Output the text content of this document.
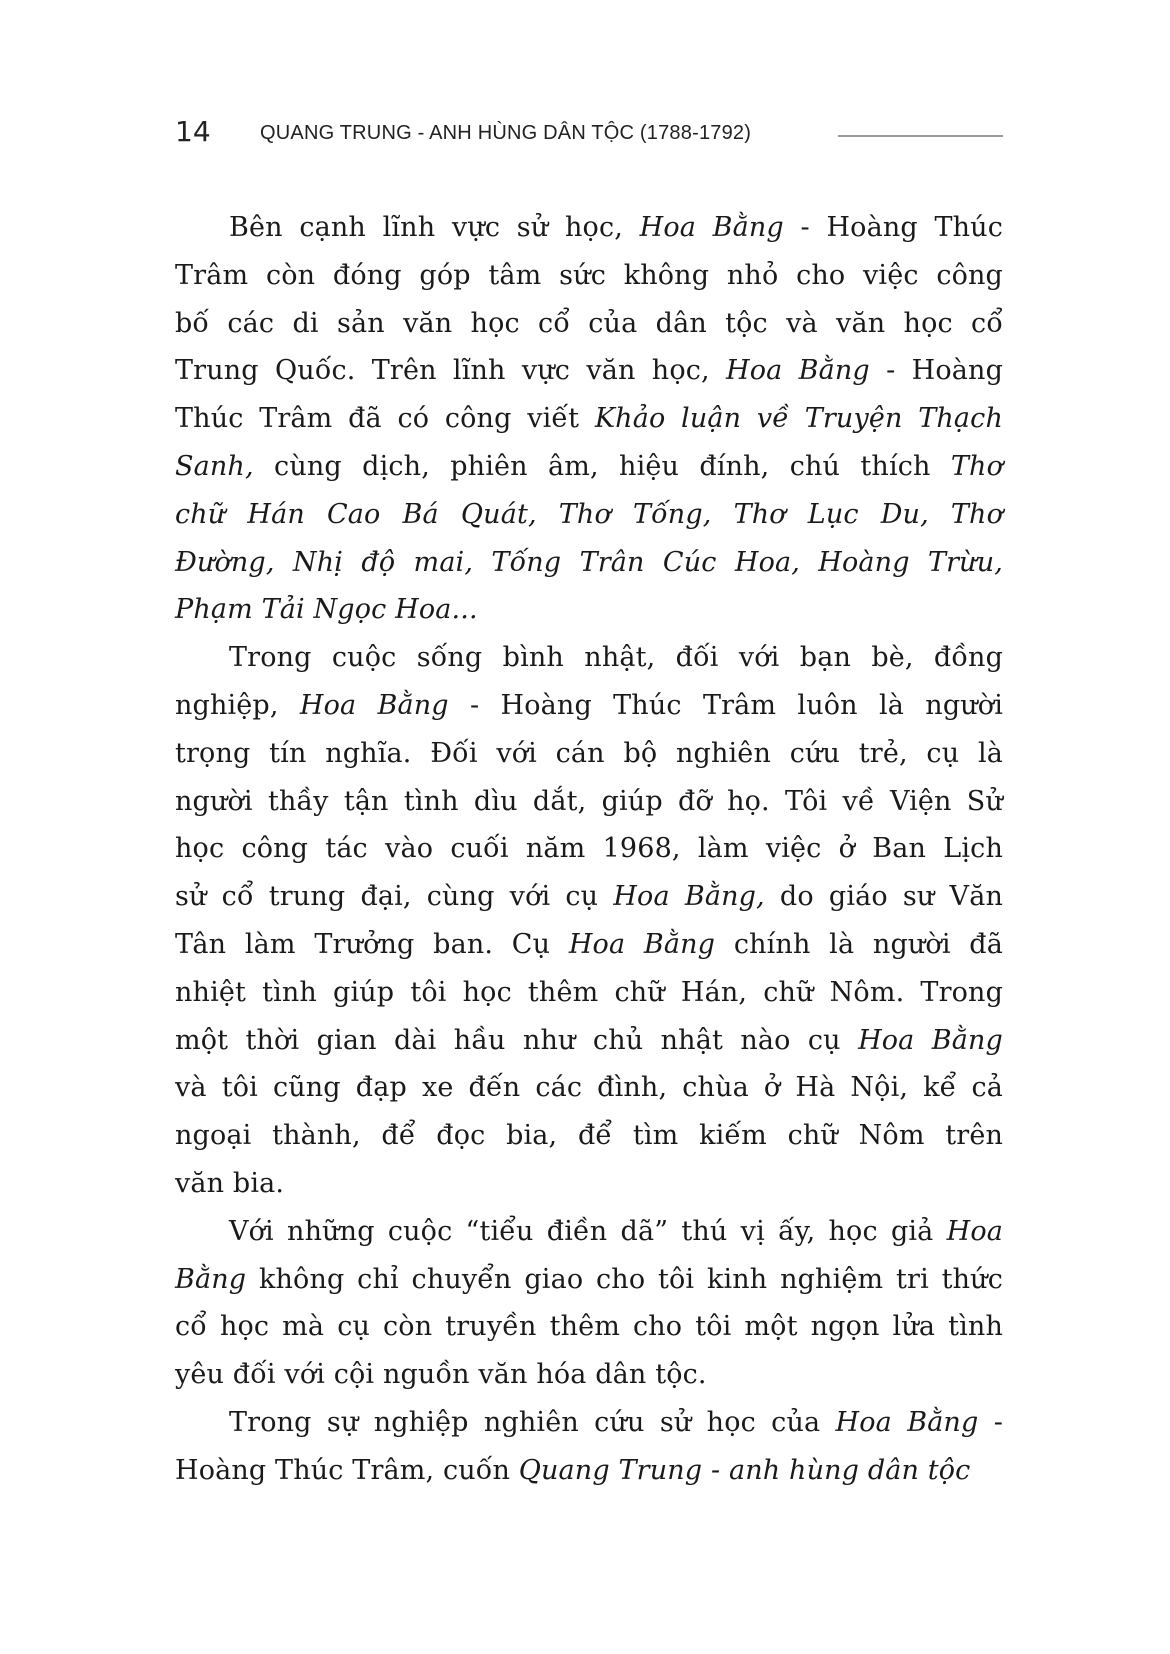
14 QUANG TRUNG - ANH HÙNG DÂN TỘC (1788-1792)
Bên cạnh lĩnh vực sử học, Hoa Bằng - Hoàng Thúc
Trâm còn đóng góp tâm sức không nhỏ cho việc công
bố các di sản văn học cổ của dân tộc và văn học cổ
Trung Quốc. Trên lĩnh vực văn học, Hoa Bằng - Hoàng
Thúc Trâm đã có công viết Khảo luận về Truyện Thạch
Sanh, cùng dịch, phiên âm, hiệu đính, chú thích Thơ
chữ Hán Cao Bá Quát, Thơ Tống, Thơ Lục Du, Thơ
Đường, Nhị độ mai, Tống Trân Cúc Hoa, Hoàng Trừu,
Phạm Tải Ngọc Hoa...
Trong cuộc sống bình nhật, đối với bạn bè, đồng
nghiệp, Hoa Bằng - Hoàng Thúc Trâm luôn là người
trọng tín nghĩa. Đối với cán bộ nghiên cứu trẻ, cụ là
người thầy tận tình dìu dắt, giúp đỡ họ. Tôi về Viện Sử
học công tác vào cuối năm 1968, làm việc ở Ban Lịch
sử cổ trung đại, cùng với cụ Hoa Bằng, do giáo sư Văn
Tân làm Trưởng ban. Cụ Hoa Bằng chính là người đã
nhiệt tình giúp tôi học thêm chữ Hán, chữ Nôm. Trong
một thời gian dài hầu như chủ nhật nào cụ Hoa Bằng
và tôi cũng đạp xe đến các đình, chùa ở Hà Nội, kể cả
ngoại thành, để đọc bia, để tìm kiếm chữ Nôm trên
văn bia.
Với những cuộc “tiểu điền dã” thú vị ấy, học giả Hoa
Bằng không chỉ chuyển giao cho tôi kinh nghiệm tri thức
cổ học mà cụ còn truyền thêm cho tôi một ngọn lửa tình
yêu đối với cội nguồn văn hóa dân tộc.
Trong sự nghiệp nghiên cứu sử học của Hoa Bằng -
Hoàng Thúc Trâm, cuốn Quang Trung - anh hùng dân tộc
